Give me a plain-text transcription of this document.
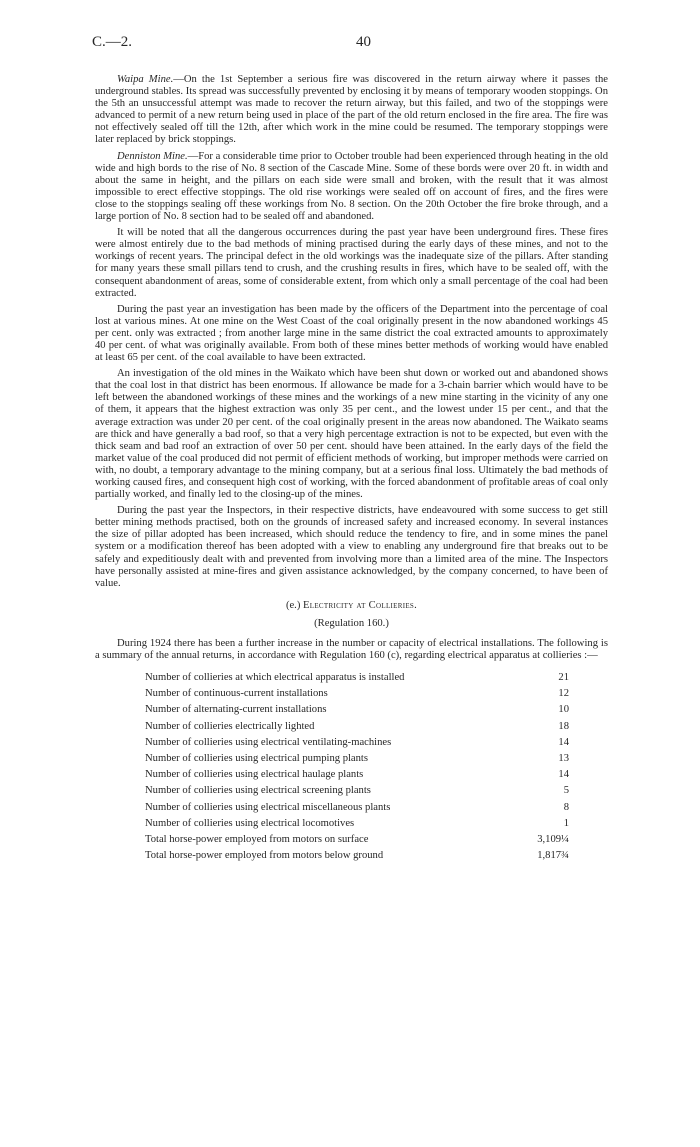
C.—2.	40

Waipa Mine.—On the 1st September a serious fire was discovered in the return airway where it passes the underground stables. Its spread was successfully prevented by enclosing it by means of temporary wooden stoppings. On the 5th an unsuccessful attempt was made to recover the return airway, but this failed, and two of the stoppings were advanced to permit of a new return being used in place of the part of the old return enclosed in the fire area. The fire was not effectively sealed off till the 12th, after which work in the mine could be resumed. The temporary stoppings were later replaced by brick stoppings.

Denniston Mine.—For a considerable time prior to October trouble had been experienced through heating in the old wide and high bords to the rise of No. 8 section of the Cascade Mine. Some of these bords were over 20 ft. in width and about the same in height, and the pillars on each side were small and broken, with the result that it was almost impossible to erect effective stoppings. The old rise workings were sealed off on account of fires, and the fires were close to the stoppings sealing off these workings from No. 8 section. On the 20th October the fire broke through, and a large portion of No. 8 section had to be sealed off and abandoned.

It will be noted that all the dangerous occurrences during the past year have been underground fires. These fires were almost entirely due to the bad methods of mining practised during the early days of these mines, and not to the workings of recent years. The principal defect in the old workings was the inadequate size of the pillars. After standing for many years these small pillars tend to crush, and the crushing results in fires, which have to be sealed off, with the consequent abandonment of areas, some of considerable extent, from which only a small percentage of the coal had been extracted.

During the past year an investigation has been made by the officers of the Department into the percentage of coal lost at various mines. At one mine on the West Coast of the coal originally present in the now abandoned workings 45 per cent. only was extracted ; from another large mine in the same district the coal extracted amounts to approximately 40 per cent. of what was originally available. From both of these mines better methods of working would have enabled at least 65 per cent. of the coal available to have been extracted.

An investigation of the old mines in the Waikato which have been shut down or worked out and abandoned shows that the coal lost in that district has been enormous. If allowance be made for a 3-chain barrier which would have to be left between the abandoned workings of these mines and the workings of a new mine starting in the vicinity of any one of them, it appears that the highest extraction was only 35 per cent., and the lowest under 15 per cent., and that the average extraction was under 20 per cent. of the coal originally present in the areas now abandoned. The Waikato seams are thick and have generally a bad roof, so that a very high percentage extraction is not to be expected, but even with the thick seam and bad roof an extraction of over 50 per cent. should have been attained. In the early days of the field the market value of the coal produced did not permit of efficient methods of working, but improper methods were carried on with, no doubt, a temporary advantage to the mining company, but at a serious final loss. Ultimately the bad methods of working caused fires, and consequent high cost of working, with the forced abandonment of profitable areas of coal only partially worked, and finally led to the closing-up of the mines.

During the past year the Inspectors, in their respective districts, have endeavoured with some success to get still better mining methods practised, both on the grounds of increased safety and increased economy. In several instances the size of pillar adopted has been increased, which should reduce the tendency to fire, and in some mines the panel system or a modification thereof has been adopted with a view to enabling any underground fire that breaks out to be safely and expeditiously dealt with and prevented from involving more than a limited area of the mine. The Inspectors have personally assisted at mine-fires and given assistance acknowledged, by the company concerned, to have been of value.

(e.) Electricity at Collieries.
(Regulation 160.)

During 1924 there has been a further increase in the number or capacity of electrical installations. The following is a summary of the annual returns, in accordance with Regulation 160 (c), regarding electrical apparatus at collieries :—

Number of collieries at which electrical apparatus is installed	21
Number of continuous-current installations	12
Number of alternating-current installations	10
Number of collieries electrically lighted	18
Number of collieries using electrical ventilating-machines	14
Number of collieries using electrical pumping plants	13
Number of collieries using electrical haulage plants	14
Number of collieries using electrical screening plants	5
Number of collieries using electrical miscellaneous plants	8
Number of collieries using electrical locomotives	1
Total horse-power employed from motors on surface	3,109¼
Total horse-power employed from motors below ground	1,817¾
